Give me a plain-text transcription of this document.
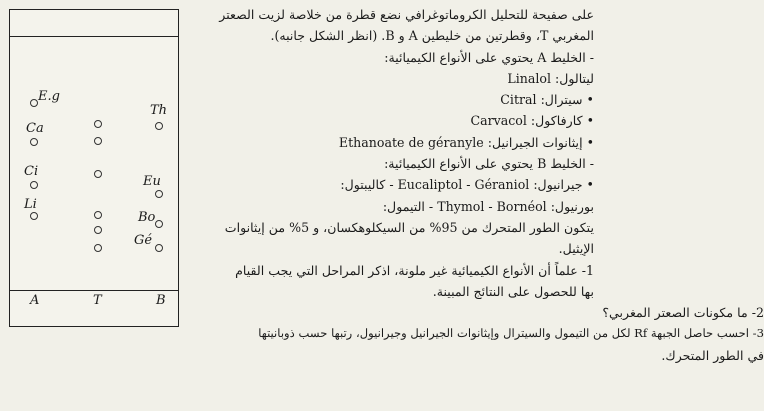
E.g
Ca
Ci
Li
Th
Eu
Bo
Gé
A	T	B
على صفيحة للتحليل الكروماتوغرافي نضع قطرة من خلاصة لزيت الصعتر
المغربي T، وقطرتين من خليطين A و B. (انظر الشكل جانبه).
- الخليط A يحتوي على الأنواع الكيميائية:
ليتالول: Linalol
• سيترال: Citral
• كارفاكول: Carvacol
• إيثانوات الجيرانيل: Ethanoate de géranyle
- الخليط B يحتوي على الأنواع الكيميائية:
• جيرانيول: Eucaliptol - Géraniol - كاليبتول:
بورنيول: Thymol - Bornéol - التيمول:
يتكون الطور المتحرك من 95% من السيكلوهكسان، و 5% من إيثانوات
الإيثيل.
1- علماً أن الأنواع الكيميائية غير ملونة، اذكر المراحل التي يجب القيام
بها للحصول على النتائج المبينة.
2- ما مكونات الصعتر المغربي؟
3- احسب حاصل الجبهة Rf لكل من التيمول والسيترال وإيثانوات الجيرانيل وجيرانيول، رتبها حسب ذوبانيتها
في الطور المتحرك.
